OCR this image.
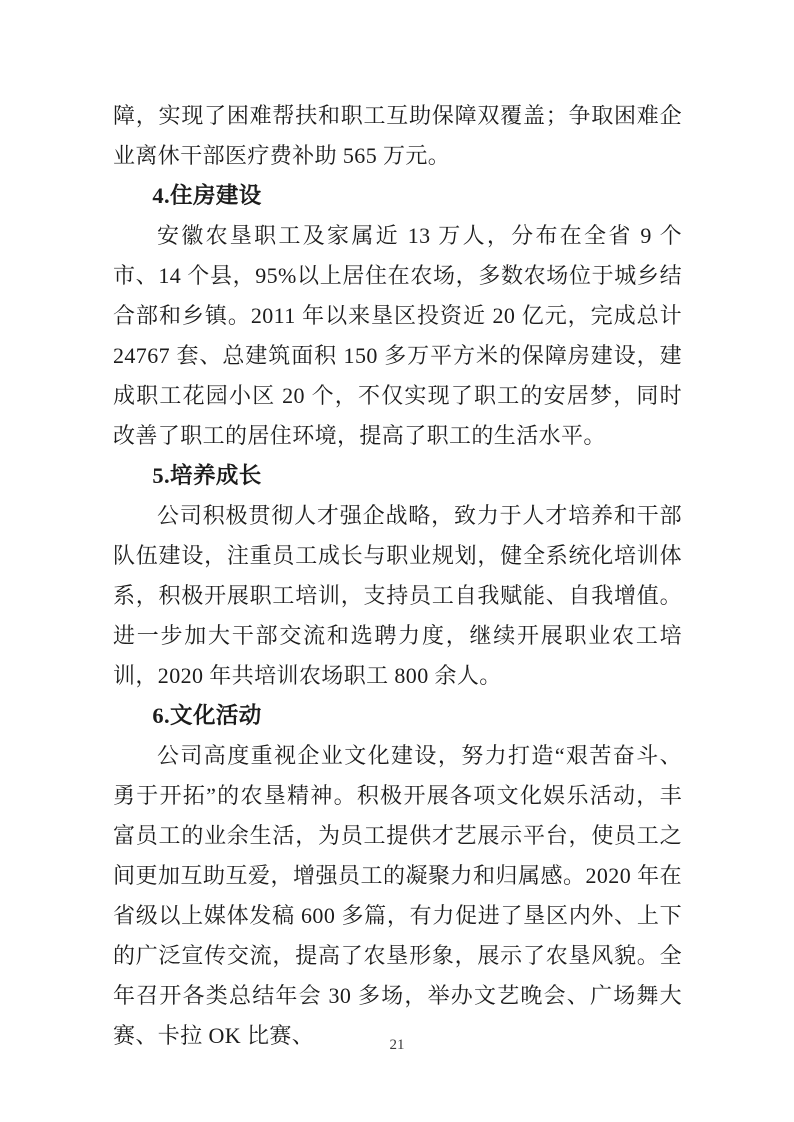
障，实现了困难帮扶和职工互助保障双覆盖；争取困难企业离休干部医疗费补助 565 万元。

4.住房建设

安徽农垦职工及家属近 13 万人，分布在全省 9 个市、14 个县，95%以上居住在农场，多数农场位于城乡结合部和乡镇。2011 年以来垦区投资近 20 亿元，完成总计 24767 套、总建筑面积 150 多万平方米的保障房建设，建成职工花园小区 20 个，不仅实现了职工的安居梦，同时改善了职工的居住环境，提高了职工的生活水平。

5.培养成长

公司积极贯彻人才强企战略，致力于人才培养和干部队伍建设，注重员工成长与职业规划，健全系统化培训体系，积极开展职工培训，支持员工自我赋能、自我增值。进一步加大干部交流和选聘力度，继续开展职业农工培训，2020 年共培训农场职工 800 余人。

6.文化活动

公司高度重视企业文化建设，努力打造“艰苦奋斗、勇于开拓”的农垦精神。积极开展各项文化娱乐活动，丰富员工的业余生活，为员工提供才艺展示平台，使员工之间更加互助互爱，增强员工的凝聚力和归属感。2020 年在省级以上媒体发稿 600 多篇，有力促进了垦区内外、上下的广泛宣传交流，提高了农垦形象，展示了农垦风貌。全年召开各类总结年会 30 多场，举办文艺晚会、广场舞大赛、卡拉 OK 比赛、	21
